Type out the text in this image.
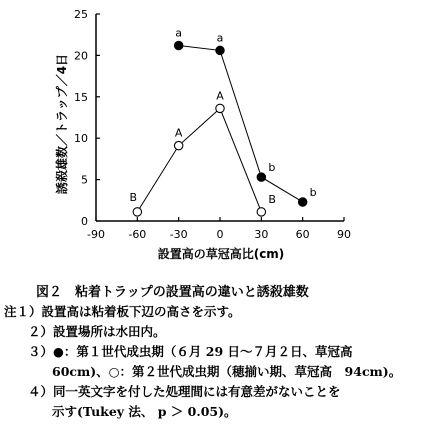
0
5
10
15
20
25
-90 -60 -30	0	30 60 90
a	a
b
b
B
A
A
B
誘殺雄数／トラップ／4日
設置高の草冠高比(cm)
図２　粘着トラップの設置高の違いと誘殺雄数
注１）設置高は粘着板下辺の高さを示す。
２）設置場所は水田内。
３）●：第１世代成虫期（６月 29 日～７月２日、草冠高
60cm)、○：第２世代成虫期（穂揃い期、草冠高　94cm)。
４）同一英文字を付した処理間には有意差がないことを
示す(Tukey 法、 p ＞ 0.05)。
